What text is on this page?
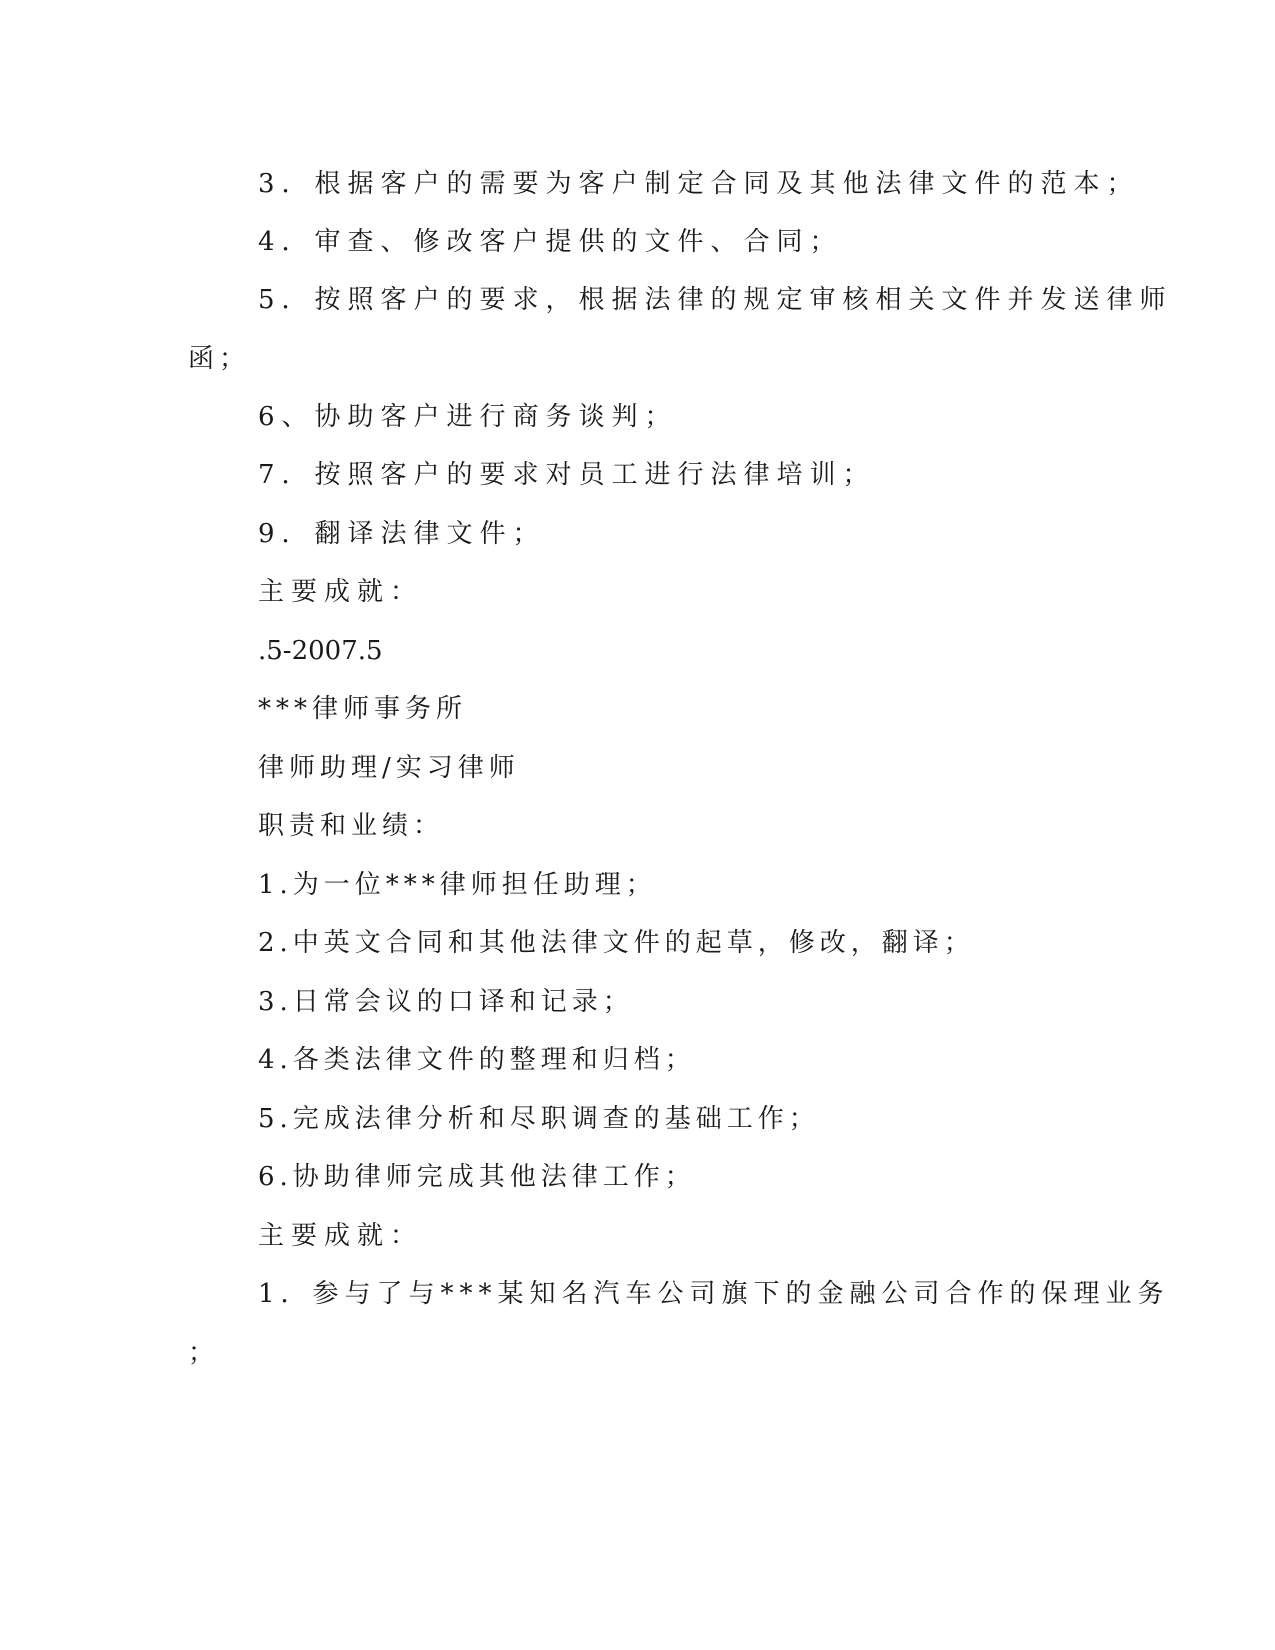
3．根据客户的需要为客户制定合同及其他法律文件的范本；

4．审查、修改客户提供的文件、合同；

5．按照客户的要求，根据法律的规定审核相关文件并发送律师

函；

6、协助客户进行商务谈判；

7．按照客户的要求对员工进行法律培训；

9．翻译法律文件；

主要成就：

.5-2007.5

***律师事务所

律师助理/实习律师

职责和业绩：

1.为一位***律师担任助理；

2.中英文合同和其他法律文件的起草，修改，翻译；

3.日常会议的口译和记录；

4.各类法律文件的整理和归档；

5.完成法律分析和尽职调查的基础工作；

6.协助律师完成其他法律工作；

主要成就：

1．参与了与***某知名汽车公司旗下的金融公司合作的保理业务

；
